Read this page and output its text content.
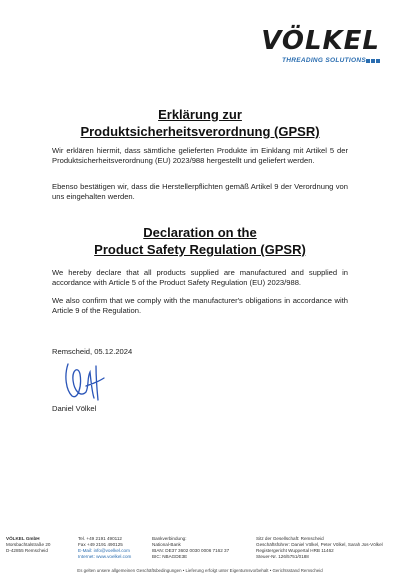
VÖLKEL
THREADING SOLUTIONS
Erklärung zur
Produktsicherheitsverordnung (GPSR)

Wir erklären hiermit, dass sämtliche gelieferten Produkte im Einklang mit Artikel 5 der Produktsicherheitsverordnung (EU) 2023/988 hergestellt und geliefert werden.

Ebenso bestätigen wir, dass die Herstellerpflichten gemäß Artikel 9 der Verordnung von uns eingehalten werden.

Declaration on the
Product Safety Regulation (GPSR)

We hereby declare that all products supplied are manufactured and supplied in accordance with Article 5 of the Product Safety Regulation (EU) 2023/988.

We also confirm that we comply with the manufacturer's obligations in accordance with Article 9 of the Regulation.

Remscheid, 05.12.2024
Daniel Völkel
VÖLKEL GmbH
Morsbachtalstraße 20
D-42855 Remscheid
Tel. +49 2191 490112
Fax +49 2191 490125
E-Mail: info@voelkel.com
Internet: www.voelkel.com
Bankverbindung:
National-Bank
IBAN: DE37 3602 0030 0006 7162 37
BIC: NBAGDE3E
Sitz der Gesellschaft: Remscheid
Geschäftsführer: Daniel Völkel, Peter Völkel, Sarah Jos-Völkel
Registergericht Wuppertal HRB 11462
Steuer-Nr. 126/5751/0188
Es gelten unsere allgemeinen Geschäftsbedingungen • Lieferung erfolgt unter Eigentumsvorbehalt • Gerichtsstand Remscheid
